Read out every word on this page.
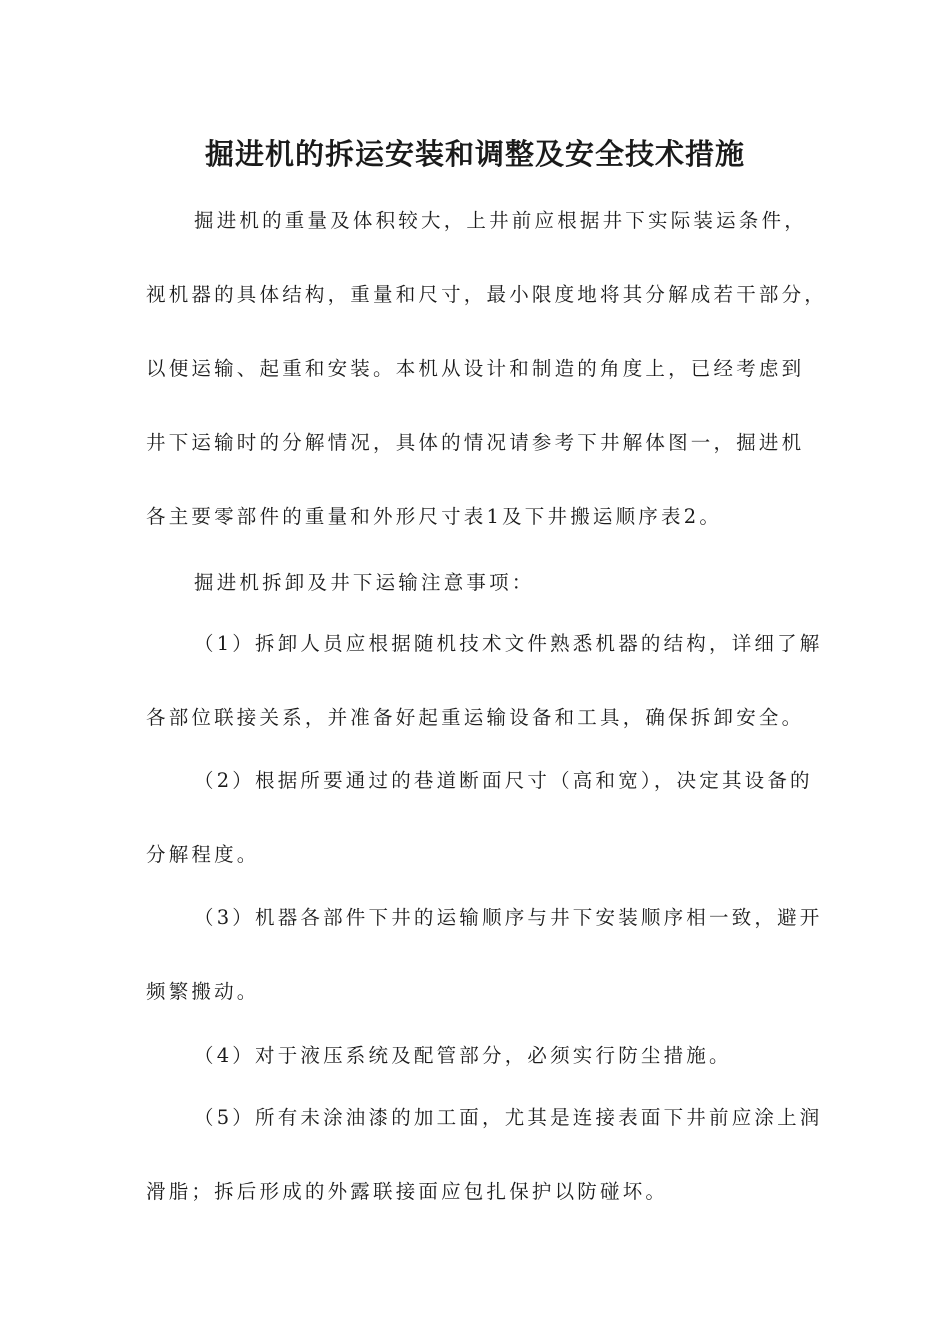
掘进机的拆运安装和调整及安全技术措施
掘进机的重量及体积较大，上井前应根据井下实际装运条件，
视机器的具体结构，重量和尺寸，最小限度地将其分解成若干部分，
以便运输、起重和安装。本机从设计和制造的角度上，已经考虑到
井下运输时的分解情况，具体的情况请参考下井解体图一，掘进机
各主要零部件的重量和外形尺寸表1及下井搬运顺序表2。
掘进机拆卸及井下运输注意事项：
（1）拆卸人员应根据随机技术文件熟悉机器的结构，详细了解
各部位联接关系，并准备好起重运输设备和工具，确保拆卸安全。
（2）根据所要通过的巷道断面尺寸（高和宽），决定其设备的
分解程度。
（3）机器各部件下井的运输顺序与井下安装顺序相一致，避开
频繁搬动。
（4）对于液压系统及配管部分，必须实行防尘措施。
（5）所有未涂油漆的加工面，尤其是连接表面下井前应涂上润
滑脂；拆后形成的外露联接面应包扎保护以防碰坏。
